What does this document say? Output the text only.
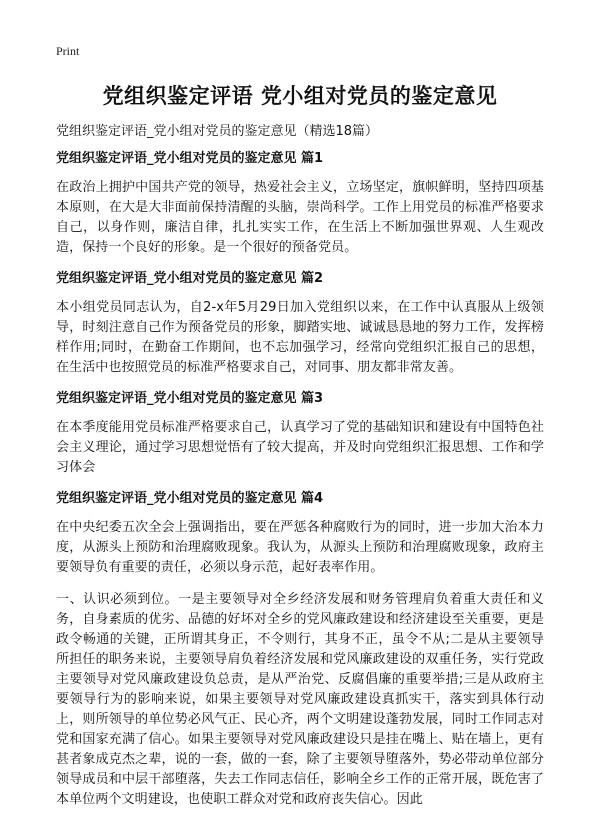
Print
党组织鉴定评语 党小组对党员的鉴定意见
党组织鉴定评语_党小组对党员的鉴定意见（精选18篇）
党组织鉴定评语_党小组对党员的鉴定意见 篇1

在政治上拥护中国共产党的领导，热爱社会主义，立场坚定，旗帜鲜明，坚持四项基本原则，在大是大非面前保持清醒的头脑，崇尚科学。工作上用党员的标准严格要求自己，以身作则，廉洁自律，扎扎实实工作，在生活上不断加强世界观、人生观改造，保持一个良好的形象。是一个很好的预备党员。

党组织鉴定评语_党小组对党员的鉴定意见 篇2

本小组党员同志认为，自2-x年5月29日加入党组织以来，在工作中认真服从上级领导，时刻注意自己作为预备党员的形象，脚踏实地、诚诚恳恳地的努力工作，发挥榜样作用;同时，在勤奋工作期间，也不忘加强学习，经常向党组织汇报自己的思想，在生活中也按照党员的标准严格要求自己，对同事、朋友都非常友善。

党组织鉴定评语_党小组对党员的鉴定意见 篇3

在本季度能用党员标准严格要求自己，认真学习了党的基础知识和建设有中国特色社会主义理论，通过学习思想觉悟有了较大提高，并及时向党组织汇报思想、工作和学习体会

党组织鉴定评语_党小组对党员的鉴定意见 篇4

在中央纪委五次全会上强调指出，要在严惩各种腐败行为的同时，进一步加大治本力度，从源头上预防和治理腐败现象。我认为，从源头上预防和治理腐败现象，政府主要领导负有重要的责任，必须以身示范，起好表率作用。

一、认识必须到位。一是主要领导对全乡经济发展和财务管理肩负着重大责任和义务，自身素质的优劣、品德的好坏对全乡的党风廉政建设和经济建设至关重要，更是政令畅通的关键，正所谓其身正，不令则行，其身不正，虽令不从;二是从主要领导所担任的职务来说，主要领导肩负着经济发展和党风廉政建设的双重任务，实行党政主要领导对党风廉政建设负总责，是从严治党、反腐倡廉的重要举措;三是从政府主要领导行为的影响来说，如果主要领导对党风廉政建设真抓实干，落实到具体行动上，则所领导的单位势必风气正、民心齐，两个文明建设蓬勃发展，同时工作同志对党和国家充满了信心。如果主要领导对党风廉政建设只是挂在嘴上、贴在墙上，更有甚者象成克杰之辈，说的一套，做的一套，除了主要领导堕落外，势必带动单位部分领导成员和中层干部堕落，失去工作同志信任，影响全乡工作的正常开展，既危害了本单位两个文明建设，也使职工群众对党和政府丧失信心。因此
